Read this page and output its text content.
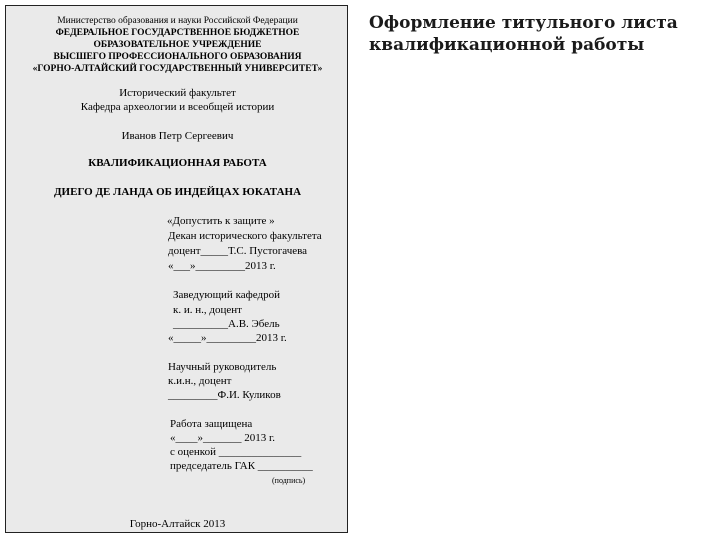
Министерство образования и науки Российской Федерации
ФЕДЕРАЛЬНОЕ ГОСУДАРСТВЕННОЕ БЮДЖЕТНОЕ
ОБРАЗОВАТЕЛЬНОЕ УЧРЕЖДЕНИЕ
ВЫСШЕГО ПРОФЕССИОНАЛЬНОГО ОБРАЗОВАНИЯ
«ГОРНО-АЛТАЙСКИЙ ГОСУДАРСТВЕННЫЙ УНИВЕРСИТЕТ»
Исторический факультет
Кафедра археологии и всеобщей истории
Иванов Петр Сергеевич
КВАЛИФИКАЦИОННАЯ РАБОТА
ДИЕГО ДЕ ЛАНДА ОБ ИНДЕЙЦАХ ЮКАТАНА
«Допустить к защите »
Декан исторического факультета
доцент_____Т.С. Пустогачева
«___»_________2013 г.
Заведующий кафедрой
к. и. н., доцент
__________А.В. Эбель
«_____»_________2013 г.
Научный руководитель
к.и.н., доцент
_________Ф.И. Куликов
Работа защищена
«____»_______ 2013 г.
с оценкой _______________
председатель ГАК __________
(подпись)
Горно-Алтайск 2013
Оформление титульного листа
квалификационной работы
